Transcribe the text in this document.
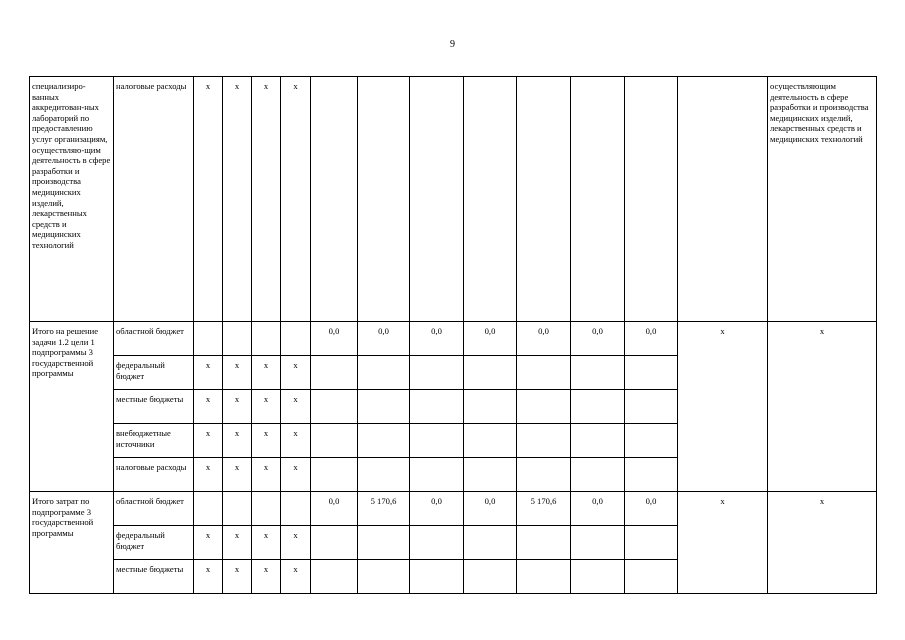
9
специализиро-ванных аккредитован-ных лабораторий по предоставлению услуг организациям, осуществляю-щим деятельность в сфере разработки и производства медицинских изделий, лекарственных средств и медицинских технологий	налоговые расходы	x	x	x	x									осуществляющим деятельность в сфере разработки и производства медицинских изделий, лекарственных средств и медицинских технологий
Итого на решение задачи 1.2 цели 1 подпрограммы 3 государственной программы	областной бюджет					0,0	0,0	0,0	0,0	0,0	0,0	0,0	x	x
	федеральный бюджет	x	x	x	x									
	местные бюджеты	x	x	x	x									
	внебюджетные источники	x	x	x	x									
	налоговые расходы	x	x	x	x									
Итого затрат по подпрограмме 3 государственной программы	областной бюджет					0,0	5 170,6	0,0	0,0	5 170,6	0,0	0,0	x	x
	федеральный бюджет	x	x	x	x									
	местные бюджеты	x	x	x	x									
